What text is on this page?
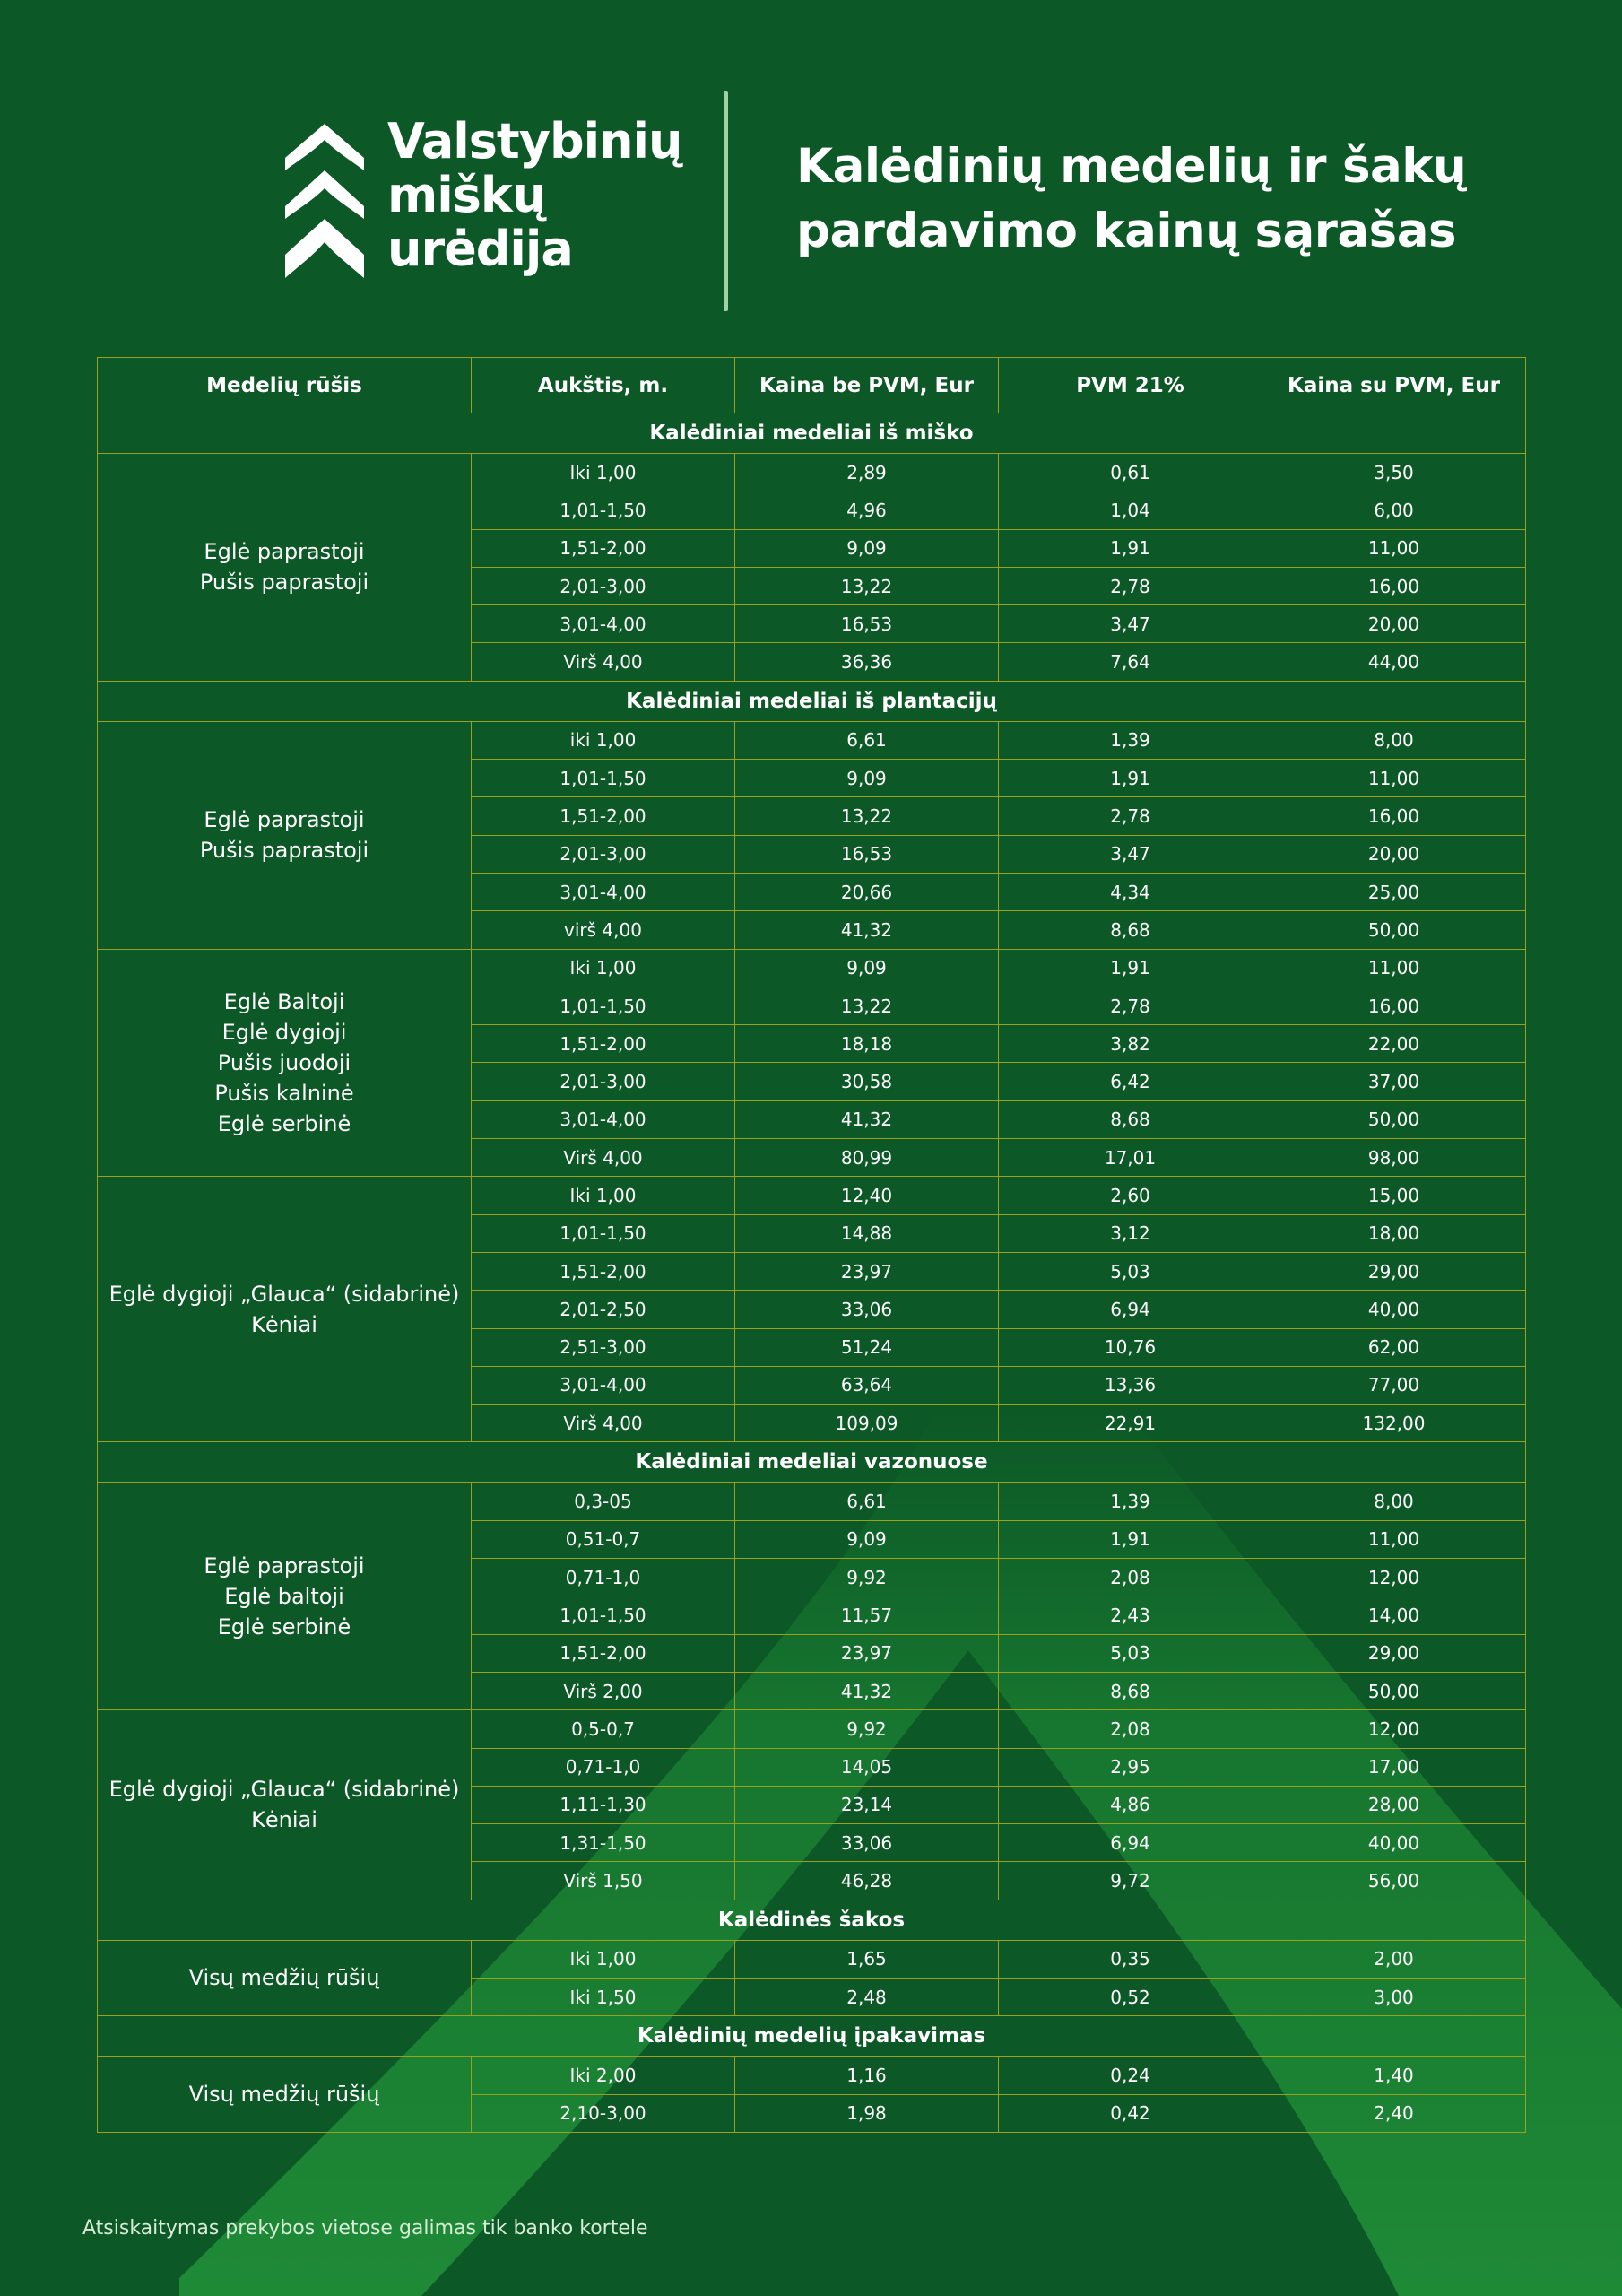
Valstybinių
miškų
urėdija
Kalėdinių medelių ir šakų
pardavimo kainų sąrašas
Medelių rūšis	Aukštis, m.	Kaina be PVM, Eur	PVM 21%	Kaina su PVM, Eur
Kalėdiniai medeliai iš miško				

Eglė paprastoji
Pušis paprastoji	Iki 1,00	2,89	0,61	3,50
	1,01-1,50	4,96	1,04	6,00
	1,51-2,00	9,09	1,91	11,00
	2,01-3,00	13,22	2,78	16,00
	3,01-4,00	16,53	3,47	20,00
	Virš 4,00	36,36	7,64	44,00
Kalėdiniai medeliai iš plantacijų				

Eglė paprastoji
Pušis paprastoji	iki 1,00	6,61	1,39	8,00
	1,01-1,50	9,09	1,91	11,00
	1,51-2,00	13,22	2,78	16,00
	2,01-3,00	16,53	3,47	20,00
	3,01-4,00	20,66	4,34	25,00
	virš 4,00	41,32	8,68	50,00

Eglė Baltoji
Eglė dygioji
Pušis juodoji
Pušis kalninė
Eglė serbinė	Iki 1,00	9,09	1,91	11,00
	1,01-1,50	13,22	2,78	16,00
	1,51-2,00	18,18	3,82	22,00
	2,01-3,00	30,58	6,42	37,00
	3,01-4,00	41,32	8,68	50,00
	Virš 4,00	80,99	17,01	98,00

Eglė dygioji „Glauca“ (sidabrinė)
Kėniai	Iki 1,00	12,40	2,60	15,00
	1,01-1,50	14,88	3,12	18,00
	1,51-2,00	23,97	5,03	29,00
	2,01-2,50	33,06	6,94	40,00
	2,51-3,00	51,24	10,76	62,00
	3,01-4,00	63,64	13,36	77,00
	Virš 4,00	109,09	22,91	132,00
Kalėdiniai medeliai vazonuose				

Eglė paprastoji
Eglė baltoji
Eglė serbinė	0,3-05	6,61	1,39	8,00
	0,51-0,7	9,09	1,91	11,00
	0,71-1,0	9,92	2,08	12,00
	1,01-1,50	11,57	2,43	14,00
	1,51-2,00	23,97	5,03	29,00
	Virš 2,00	41,32	8,68	50,00

Eglė dygioji „Glauca“ (sidabrinė)
Kėniai	0,5-0,7	9,92	2,08	12,00
	0,71-1,0	14,05	2,95	17,00
	1,11-1,30	23,14	4,86	28,00
	1,31-1,50	33,06	6,94	40,00
	Virš 1,50	46,28	9,72	56,00
Kalėdinės šakos				

Visų medžių rūšių	Iki 1,00	1,65	0,35	2,00
	Iki 1,50	2,48	0,52	3,00
Kalėdinių medelių įpakavimas				

Visų medžių rūšių	Iki 2,00	1,16	0,24	1,40
	2,10-3,00	1,98	0,42	2,40
Atsiskaitymas prekybos vietose galimas tik banko kortele
